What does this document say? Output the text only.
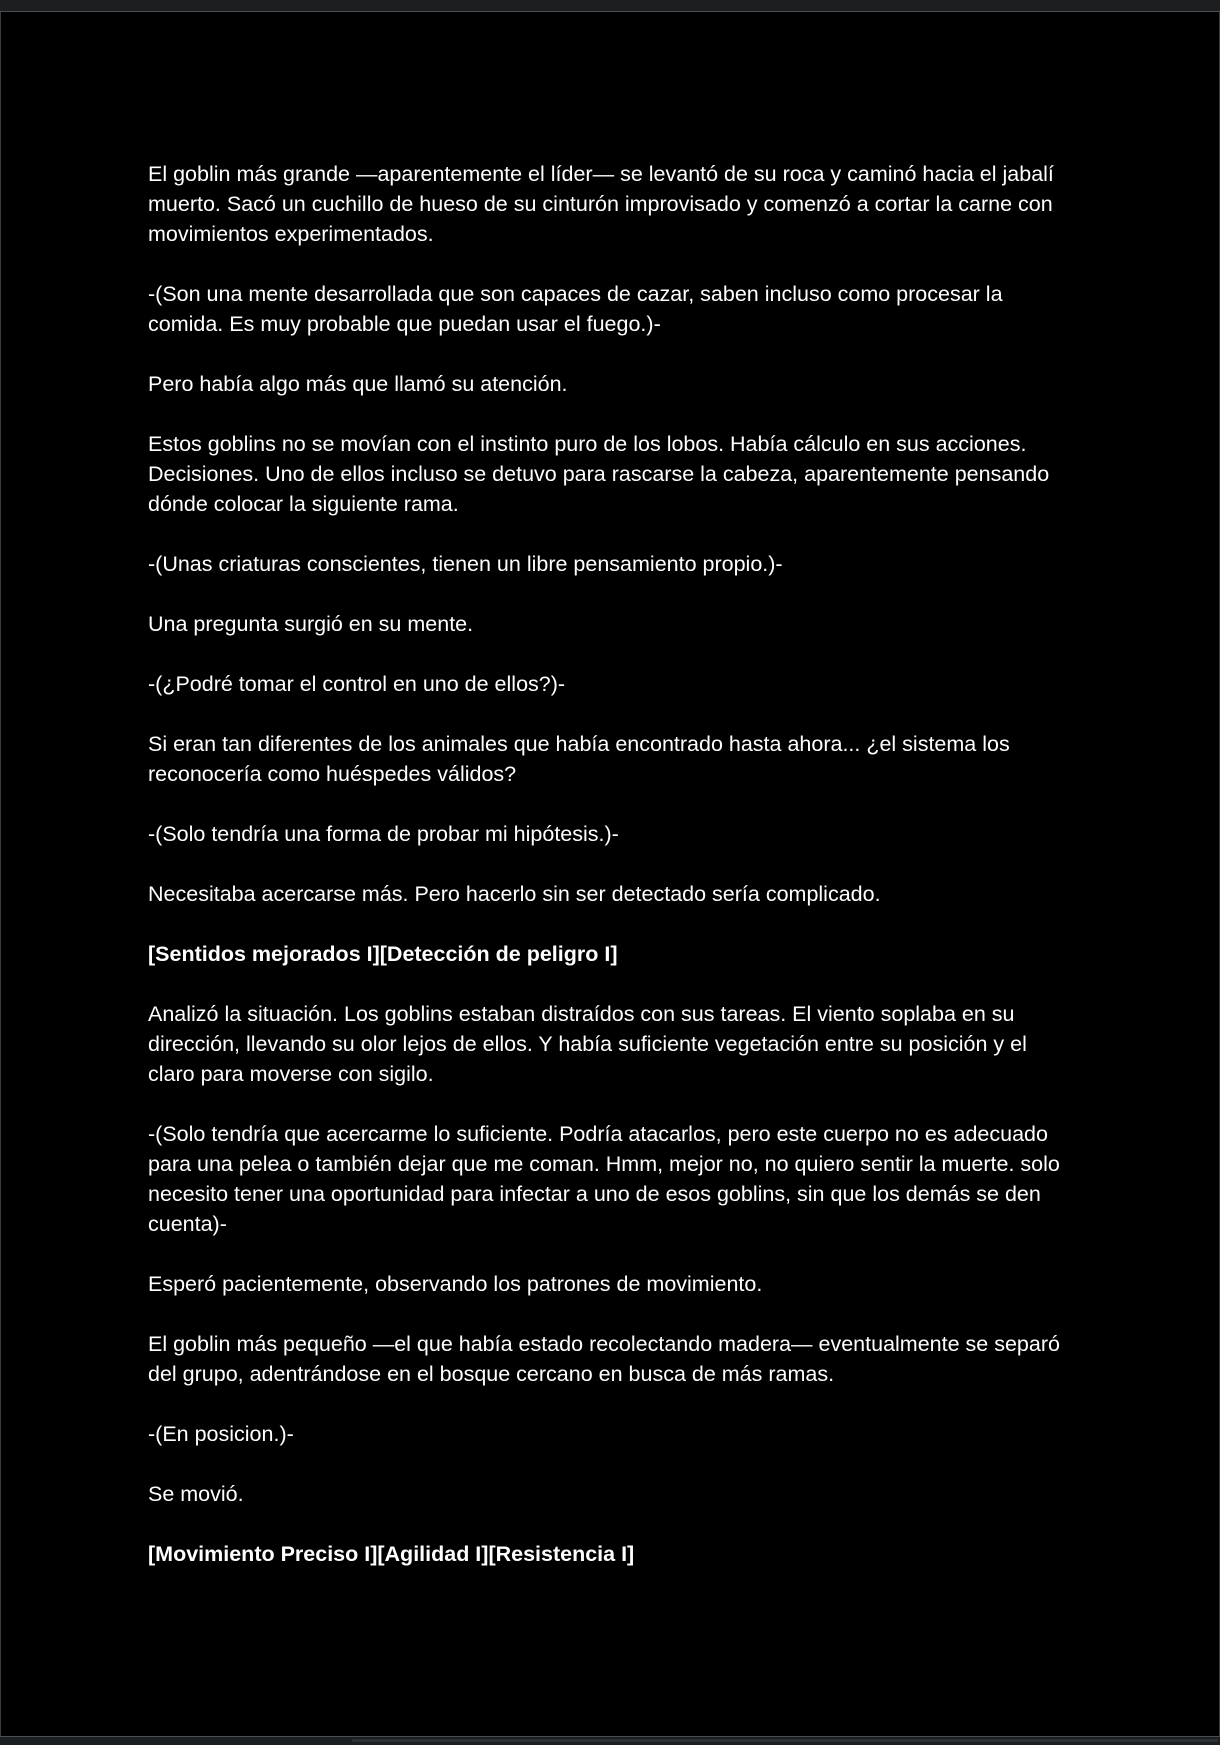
El goblin más grande —aparentemente el líder— se levantó de su roca y caminó hacia el jabalí muerto. Sacó un cuchillo de hueso de su cinturón improvisado y comenzó a cortar la carne con movimientos experimentados.

-(Son una mente desarrollada que son capaces de cazar, saben incluso como procesar la comida. Es muy probable que puedan usar el fuego.)-

Pero había algo más que llamó su atención.

Estos goblins no se movían con el instinto puro de los lobos. Había cálculo en sus acciones. Decisiones. Uno de ellos incluso se detuvo para rascarse la cabeza, aparentemente pensando dónde colocar la siguiente rama.

-(Unas criaturas conscientes, tienen un libre pensamiento propio.)-

Una pregunta surgió en su mente.

-(¿Podré tomar el control en uno de ellos?)-

Si eran tan diferentes de los animales que había encontrado hasta ahora... ¿el sistema los reconocería como huéspedes válidos?

-(Solo tendría una forma de probar mi hipótesis.)-

Necesitaba acercarse más. Pero hacerlo sin ser detectado sería complicado.

[Sentidos mejorados I][Detección de peligro I]

Analizó la situación. Los goblins estaban distraídos con sus tareas. El viento soplaba en su dirección, llevando su olor lejos de ellos. Y había suficiente vegetación entre su posición y el claro para moverse con sigilo.

-(Solo tendría que acercarme lo suficiente. Podría atacarlos, pero este cuerpo no es adecuado para una pelea o también dejar que me coman. Hmm, mejor no, no quiero sentir la muerte. solo necesito tener una oportunidad para infectar a uno de esos goblins, sin que los demás se den cuenta)-

Esperó pacientemente, observando los patrones de movimiento.

El goblin más pequeño —el que había estado recolectando madera— eventualmente se separó del grupo, adentrándose en el bosque cercano en busca de más ramas.

-(En posicion.)-

Se movió.

[Movimiento Preciso I][Agilidad I][Resistencia I]
